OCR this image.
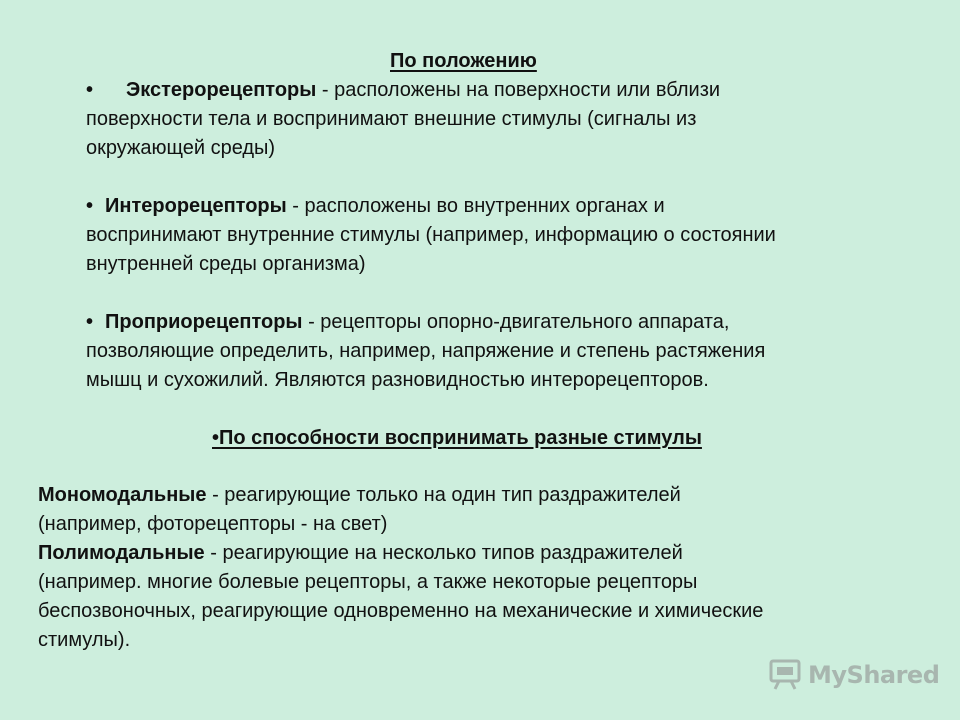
По положению
• Экстерорецепторы - расположены на поверхности или вблизи
поверхности тела и воспринимают внешние стимулы (сигналы из
окружающей среды)
• Интерорецепторы - расположены во внутренних органах и
воспринимают внутренние стимулы (например, информацию о состоянии
внутренней среды организма)
• Проприорецепторы - рецепторы опорно-двигательного аппарата,
позволяющие определить, например, напряжение и степень растяжения
мышц и сухожилий. Являются разновидностью интерорецепторов.
•По способности воспринимать разные стимулы
Мономодальные - реагирующие только на один тип раздражителей
(например, фоторецепторы - на свет)
Полимодальные - реагирующие на несколько типов раздражителей
(например. многие болевые рецепторы, а также некоторые рецепторы
беспозвоночных, реагирующие одновременно на механические и химические
стимулы).
MyShared
